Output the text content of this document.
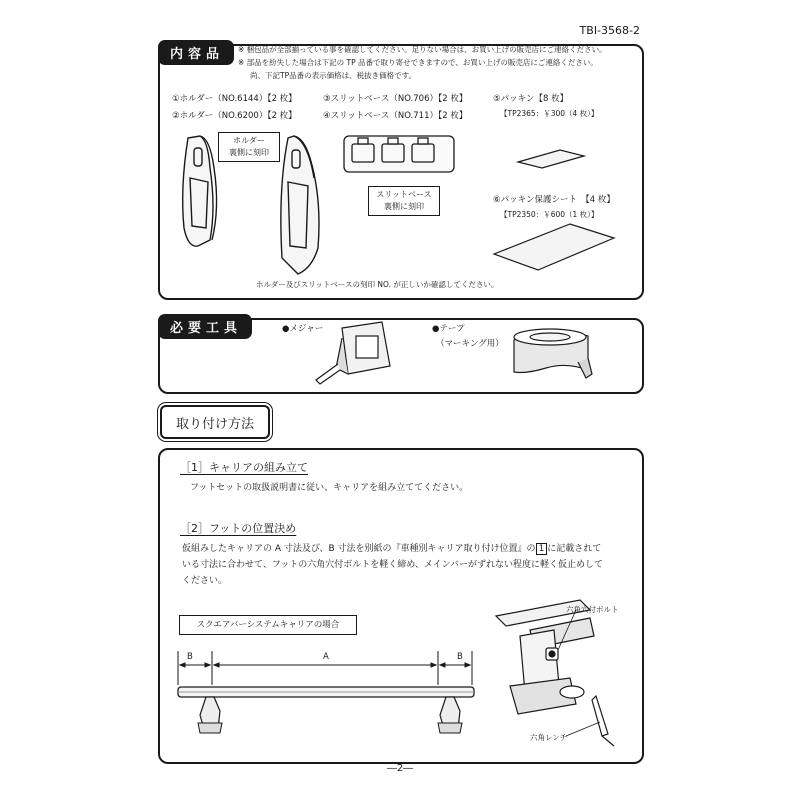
TBI-3568-2
内容品	※ 梱包品が全部揃っている事を確認してください。足りない場合は、お買い上げの販売店にご連絡ください。
※ 部品を紛失した場合は下記の TP 品番で取り寄せできますので、お買い上げの販売店にご連絡ください。
尚、下記TP品番の表示価格は、税抜き価格です。
①ホルダー（NO.6144）【2 枚】
②ホルダー（NO.6200）【2 枚】
③スリットベース（NO.706）【2 枚】
④スリットベース（NO.711）【2 枚】
⑤パッキン【8 枚】
【TP2365：￥300（4 枚）】
⑥パッキン保護シート　【4 枚】
【TP2350：￥600（1 枚）】
ホルダー
裏側に刻印
スリットベース
裏側に刻印
ホルダー及びスリットベースの刻印 NO. が正しいか確認してください。
必要工具	●メジャー	●テープ
（マーキング用）
取り付け方法
［1］キャリアの組み立て
フットセットの取扱説明書に従い、キャリアを組み立ててください。
［2］フットの位置決め
仮組みしたキャリアの A 寸法及び、B 寸法を別紙の『車種別キャリア取り付け位置』の 1 に記載されて
いる寸法に合わせて、フットの六角穴付ボルトを軽く締め、メインバーがずれない程度に軽く仮止めして
ください。
スクエアバーシステムキャリアの場合
B	A	B
六角穴付ボルト
六角レンチ
―2―
